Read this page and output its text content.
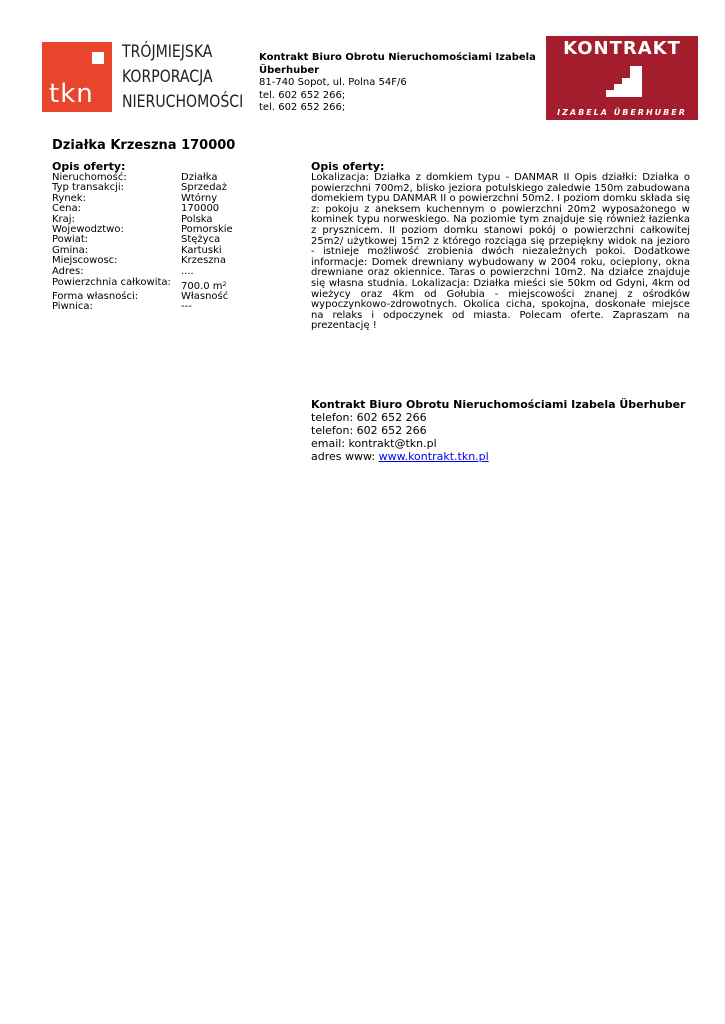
tkn
TRÓJMIEJSKA
KORPORACJA
NIERUCHOMOŚCI
Kontrakt Biuro Obrotu Nieruchomościami Izabela Überhuber
81-740 Sopot, ul. Polna 54F/6
tel. 602 652 266;
tel. 602 652 266;
KONTRAKT
IZABELA ÜBERHUBER
Działka Krzeszna 170000
Opis oferty:
Nieruchomość:	Działka
Typ transakcji:	Sprzedaż
Rynek:	Wtórny
Cena:	170000
Kraj:	Polska
Wojewodztwo:	Pomorskie
Powiat:	Stężyca
Gmina:	Kartuski
Miejscowosc:	Krzeszna
Adres:	....
Powierzchnia całkowita:	700.0 $m^2$
Forma własności:	Własność
Piwnica:	---
Opis oferty:
Lokalizacja: Działka z domkiem typu - DANMAR II Opis działki: Działka o powierzchni 700m2, blisko jeziora potulskiego zaledwie 150m zabudowana domekiem typu DANMAR II o powierzchni 50m2. I poziom domku składa się z: pokoju z aneksem kuchennym o powierzchni 20m2 wyposażonego w kominek typu norweskiego. Na poziomie tym znajduje się również łazienka z prysznicem. II poziom domku stanowi pokój o powierzchni całkowitej 25m2/ użytkowej 15m2 z którego rozciąga się przepiękny widok na jezioro - istnieje możliwość zrobienia dwóch niezależnych pokoi. Dodatkowe informacje: Domek drewniany wybudowany w 2004 roku, ocieplony, okna drewniane oraz okiennice. Taras o powierzchni 10m2. Na działce znajduje się własna studnia. Lokalizacja: Działka mieści sie 50km od Gdyni, 4km od wieżycy oraz 4km od Gołubia - miejscowości znanej z ośrodków wypoczynkowo-zdrowotnych. Okolica cicha, spokojna, doskonałe miejsce na relaks i odpoczynek od miasta. Polecam oferte. Zapraszam na prezentację !
Kontrakt Biuro Obrotu Nieruchomościami Izabela Überhuber
telefon: 602 652 266
telefon: 602 652 266
email: kontrakt@tkn.pl
adres www: www.kontrakt.tkn.pl
